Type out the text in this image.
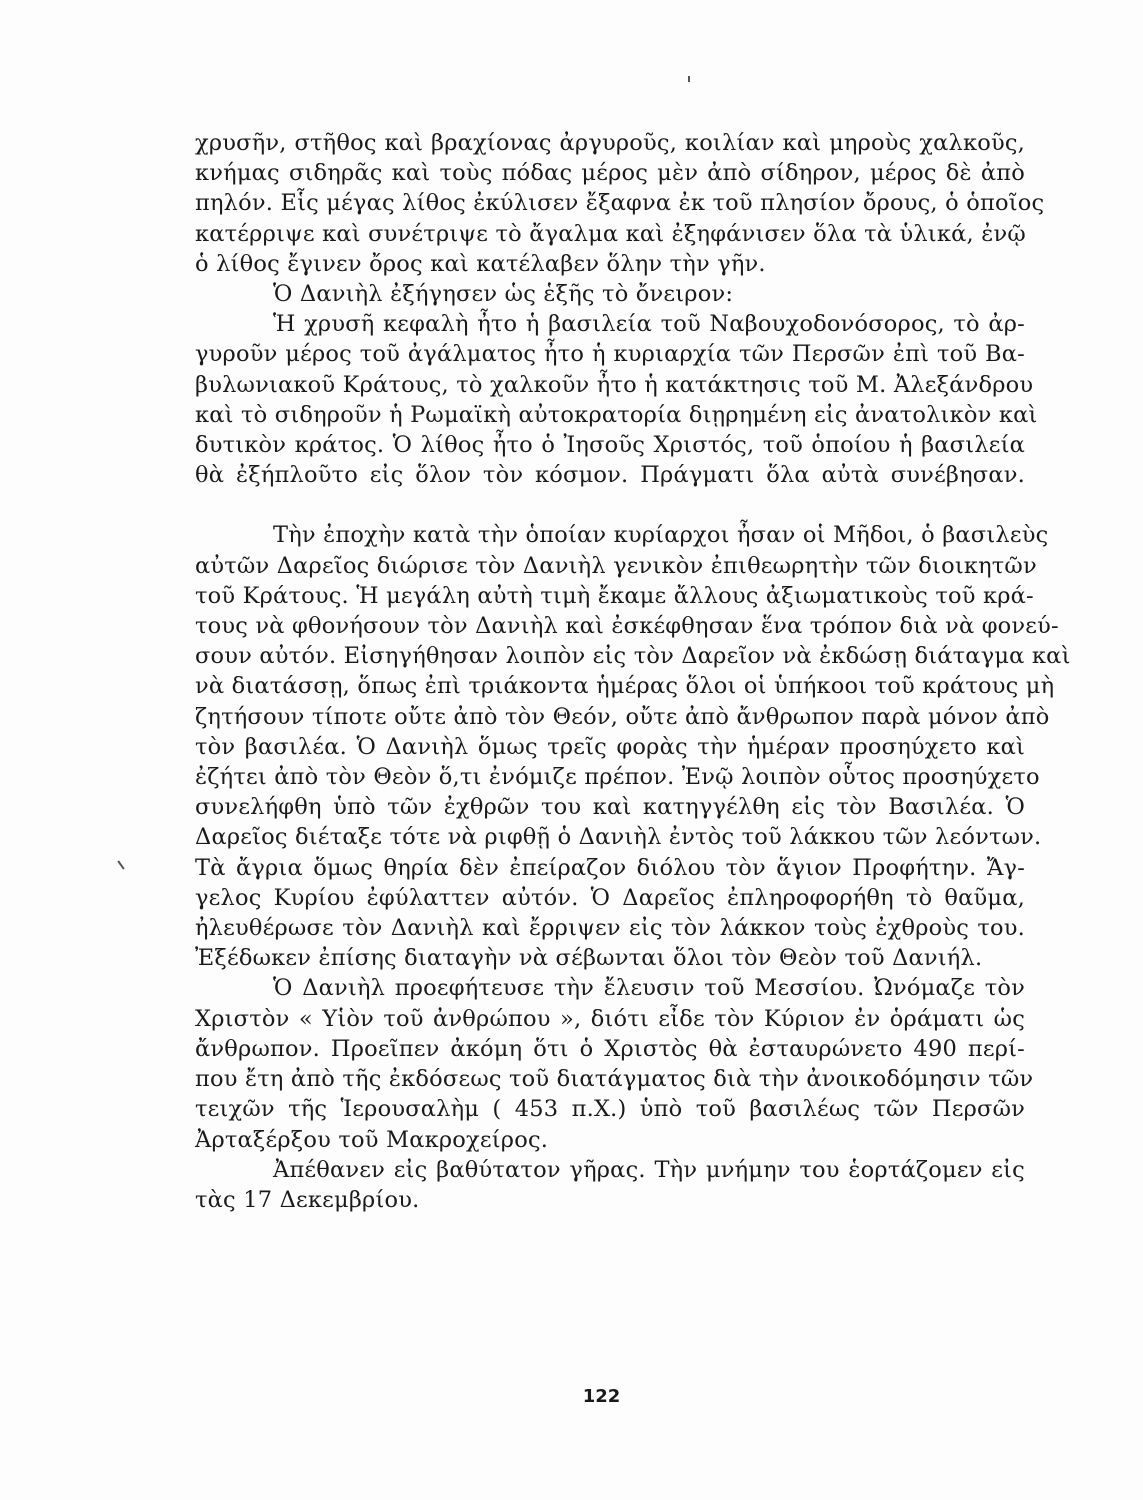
χρυσῆν, στῆθος καὶ βραχίονας ἀργυροῦς, κοιλίαν καὶ μηροὺς χαλκοῦς,
κνήμας σιδηρᾶς καὶ τοὺς πόδας μέρος μὲν ἀπὸ σίδηρον, μέρος δὲ ἀπὸ
πηλόν. Εἷς μέγας λίθος ἐκύλισεν ἔξαφνα ἐκ τοῦ πλησίον ὄρους, ὁ ὁποῖος
κατέρριψε καὶ συνέτριψε τὸ ἄγαλμα καὶ ἐξηφάνισεν ὅλα τὰ ὑλικά, ἐνῷ
ὁ λίθος ἔγινεν ὄρος καὶ κατέλαβεν ὅλην τὴν γῆν.
Ὁ Δανιὴλ ἐξήγησεν ὡς ἑξῆς τὸ ὄνειρον:
Ἡ χρυσῆ κεφαλὴ ἦτο ἡ βασιλεία τοῦ Ναβουχοδονόσορος, τὸ ἀρ-
γυροῦν μέρος τοῦ ἀγάλματος ἦτο ἡ κυριαρχία τῶν Περσῶν ἐπὶ τοῦ Βα-
βυλωνιακοῦ Κράτους, τὸ χαλκοῦν ἦτο ἡ κατάκτησις τοῦ Μ. Ἀλεξάνδρου
καὶ τὸ σιδηροῦν ἡ Ρωμαϊκὴ αὐτοκρατορία διῃρημένη εἰς ἀνατολικὸν καὶ
δυτικὸν κράτος. Ὁ λίθος ἦτο ὁ Ἰησοῦς Χριστός, τοῦ ὁποίου ἡ βασιλεία
θὰ ἐξήπλοῦτο εἰς ὅλον τὸν κόσμον. Πράγματι ὅλα αὐτὰ συνέβησαν.
Τὴν ἐποχὴν κατὰ τὴν ὁποίαν κυρίαρχοι ἦσαν οἱ Μῆδοι, ὁ βασιλεὺς
αὐτῶν Δαρεῖος διώρισε τὸν Δανιὴλ γενικὸν ἐπιθεωρητὴν τῶν διοικητῶν
τοῦ Κράτους. Ἡ μεγάλη αὐτὴ τιμὴ ἔκαμε ἄλλους ἀξιωματικοὺς τοῦ κρά-
τους νὰ φθονήσουν τὸν Δανιὴλ καὶ ἐσκέφθησαν ἕνα τρόπον διὰ νὰ φονεύ-
σουν αὐτόν. Εἰσηγήθησαν λοιπὸν εἰς τὸν Δαρεῖον νὰ ἐκδώσῃ διάταγμα καὶ
νὰ διατάσσῃ, ὅπως ἐπὶ τριάκοντα ἡμέρας ὅλοι οἱ ὑπήκοοι τοῦ κράτους μὴ
ζητήσουν τίποτε οὔτε ἀπὸ τὸν Θεόν, οὔτε ἀπὸ ἄνθρωπον παρὰ μόνον ἀπὸ
τὸν βασιλέα. Ὁ Δανιὴλ ὅμως τρεῖς φορὰς τὴν ἡμέραν προσηύχετο καὶ
ἐζήτει ἀπὸ τὸν Θεὸν ὅ,τι ἐνόμιζε πρέπον. Ἐνῷ λοιπὸν οὗτος προσηύχετο
συνελήφθη ὑπὸ τῶν ἐχθρῶν του καὶ κατηγγέλθη εἰς τὸν Βασιλέα. Ὁ
Δαρεῖος διέταξε τότε νὰ ριφθῇ ὁ Δανιὴλ ἐντὸς τοῦ λάκκου τῶν λεόντων.
Τὰ ἄγρια ὅμως θηρία δὲν ἐπείραζον διόλου τὸν ἅγιον Προφήτην. Ἄγ-
γελος Κυρίου ἐφύλαττεν αὐτόν. Ὁ Δαρεῖος ἐπληροφορήθη τὸ θαῦμα,
ἠλευθέρωσε τὸν Δανιὴλ καὶ ἔρριψεν εἰς τὸν λάκκον τοὺς ἐχθροὺς του.
Ἐξέδωκεν ἐπίσης διαταγὴν νὰ σέβωνται ὅλοι τὸν Θεὸν τοῦ Δανιήλ.
Ὁ Δανιὴλ προεφήτευσε τὴν ἔλευσιν τοῦ Μεσσίου. Ὠνόμαζε τὸν
Χριστὸν « Υἱὸν τοῦ ἀνθρώπου », διότι εἶδε τὸν Κύριον ἐν ὁράματι ὡς
ἄνθρωπον. Προεῖπεν ἀκόμη ὅτι ὁ Χριστὸς θὰ ἐσταυρώνετο 490 περί-
που ἔτη ἀπὸ τῆς ἐκδόσεως τοῦ διατάγματος διὰ τὴν ἀνοικοδόμησιν τῶν
τειχῶν τῆς Ἱερουσαλὴμ ( 453 π.Χ.) ὑπὸ τοῦ βασιλέως τῶν Περσῶν
Ἀρταξέρξου τοῦ Μακροχείρος.
Ἀπέθανεν εἰς βαθύτατον γῆρας. Τὴν μνήμην του ἑορτάζομεν εἰς
τὰς 17 Δεκεμβρίου.
122
